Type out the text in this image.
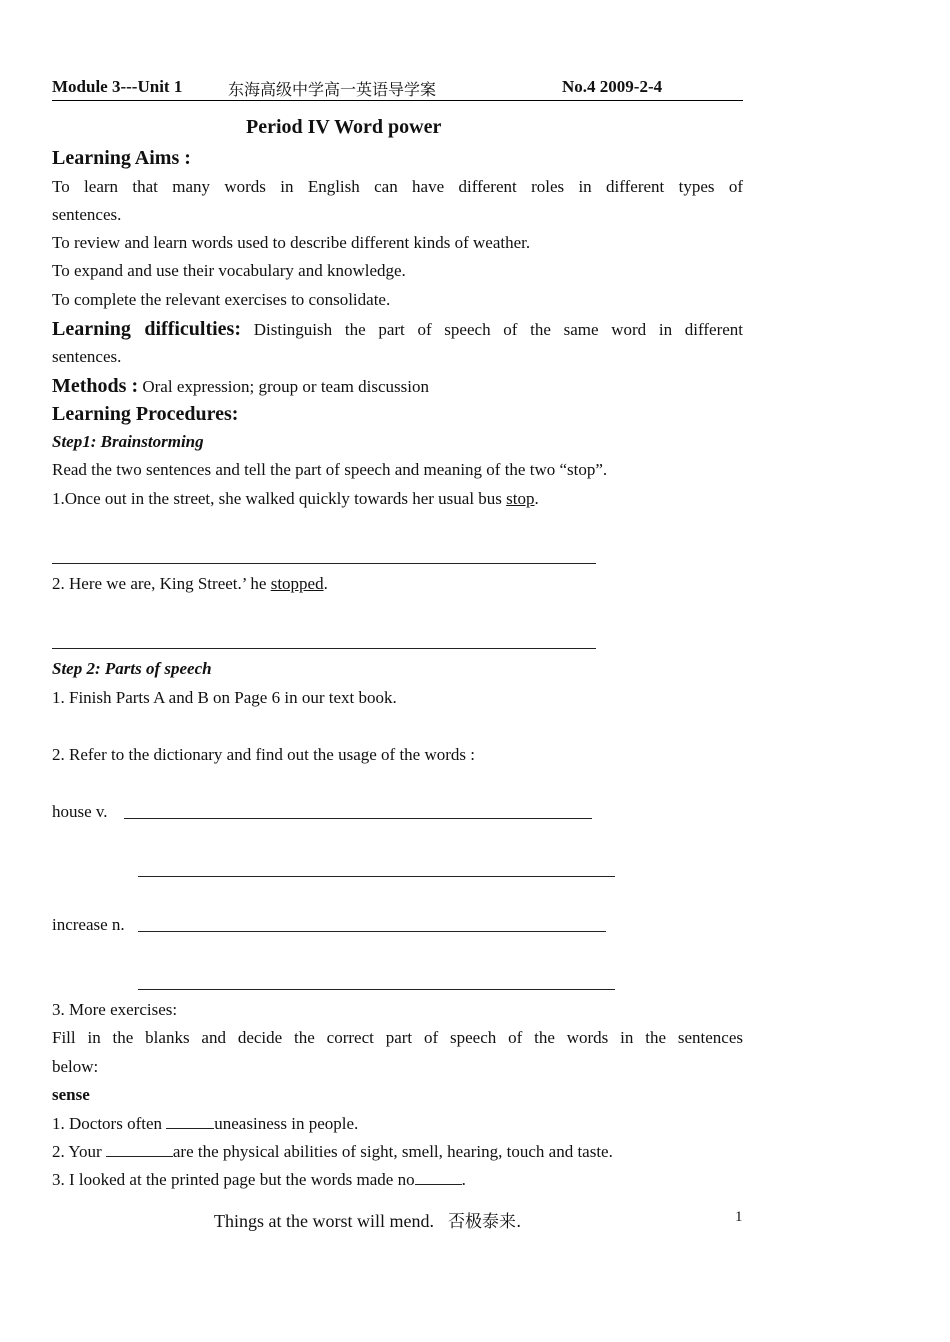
Module 3---Unit 1	东海高级中学高一英语导学案	No.4 2009-2-4
Period IV Word power
Learning Aims :
To learn that many words in English can have different roles in different types of
sentences.
To review and learn words used to describe different kinds of weather.
To expand and use their vocabulary and knowledge.
To complete the relevant exercises to consolidate.
Learning difficulties: Distinguish the part of speech of the same word in different
sentences.
Methods : Oral expression; group or team discussion
Learning Procedures:
Step1: Brainstorming
Read the two sentences and tell the part of speech and meaning of the two “stop”.
1.Once out in the street, she walked quickly towards her usual bus stop.
2. Here we are, King Street.’ he stopped.
Step 2: Parts of speech
1. Finish Parts A and B on Page 6 in our text book.
2. Refer to the dictionary and find out the usage of the words :
house v.
increase n.
3. More exercises:
Fill in the blanks and decide the correct part of speech of the words in the sentences
below:
sense
1. Doctors often	uneasiness in people.
2. Your	are the physical abilities of sight, smell, hearing, touch and taste.
3. I looked at the printed page but the words made no	.
Things at the worst will mend. 否极泰来.	1
